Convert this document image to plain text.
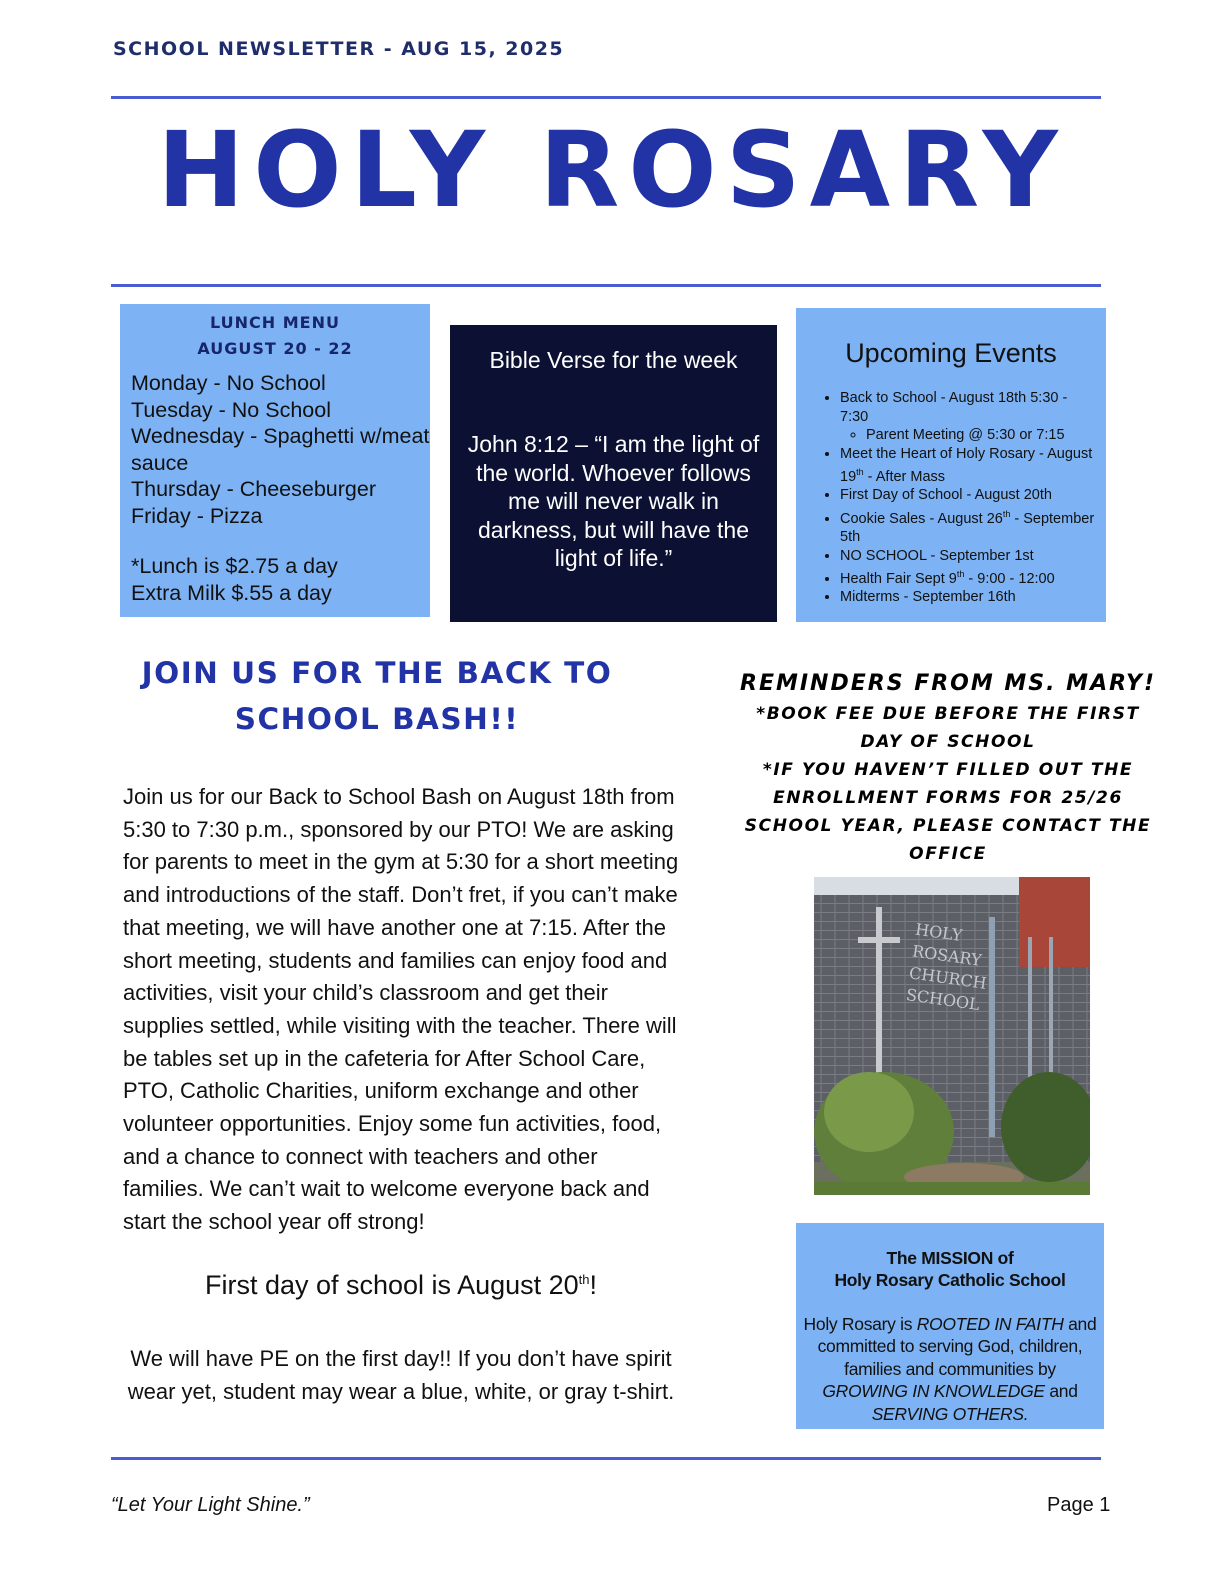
SCHOOL NEWSLETTER - AUG 15, 2025
HOLY ROSARY
LUNCH MENU
AUGUST 20 - 22
Monday - No School
Tuesday - No School
Wednesday - Spaghetti w/meat
sauce
Thursday - Cheeseburger
Friday - Pizza
*Lunch is $2.75 a day
Extra Milk $.55 a day
Bible Verse for the week
John 8:12 – “I am the light of the world. Whoever follows me will never walk in darkness, but will have the light of life.”
Upcoming Events
• Back to School - August 18th 5:30 - 7:30
◦ Parent Meeting @ 5:30 or 7:15
• Meet the Heart of Holy Rosary - August 19th - After Mass
• First Day of School - August 20th
• Cookie Sales - August 26th - September 5th
• NO SCHOOL - September 1st
• Health Fair Sept 9th - 9:00 - 12:00
• Midterms - September 16th
JOIN US FOR THE BACK TO SCHOOL BASH!!
Join us for our Back to School Bash on August 18th from 5:30 to 7:30 p.m., sponsored by our PTO! We are asking for parents to meet in the gym at 5:30 for a short meeting and introductions of the staff. Don’t fret, if you can’t make that meeting, we will have another one at 7:15. After the short meeting, students and families can enjoy food and activities, visit your child’s classroom and get their supplies settled, while visiting with the teacher. There will be tables set up in the cafeteria for After School Care, PTO, Catholic Charities, uniform exchange and other volunteer opportunities. Enjoy some fun activities, food, and a chance to connect with teachers and other families. We can’t wait to welcome everyone back and start the school year off strong!
First day of school is August 20th!
We will have PE on the first day!! If you don’t have spirit wear yet, student may wear a blue, white, or gray t-shirt.
REMINDERS FROM MS. MARY!
*BOOK FEE DUE BEFORE THE FIRST DAY OF SCHOOL
*IF YOU HAVEN’T FILLED OUT THE ENROLLMENT FORMS FOR 25/26 SCHOOL YEAR, PLEASE CONTACT THE OFFICE
HOLY
ROSARY
CHURCH
SCHOOL
The MISSION of
Holy Rosary Catholic School
Holy Rosary is ROOTED IN FAITH and committed to serving God, children, families and communities by GROWING IN KNOWLEDGE and SERVING OTHERS.
“Let Your Light Shine.”	Page 1
